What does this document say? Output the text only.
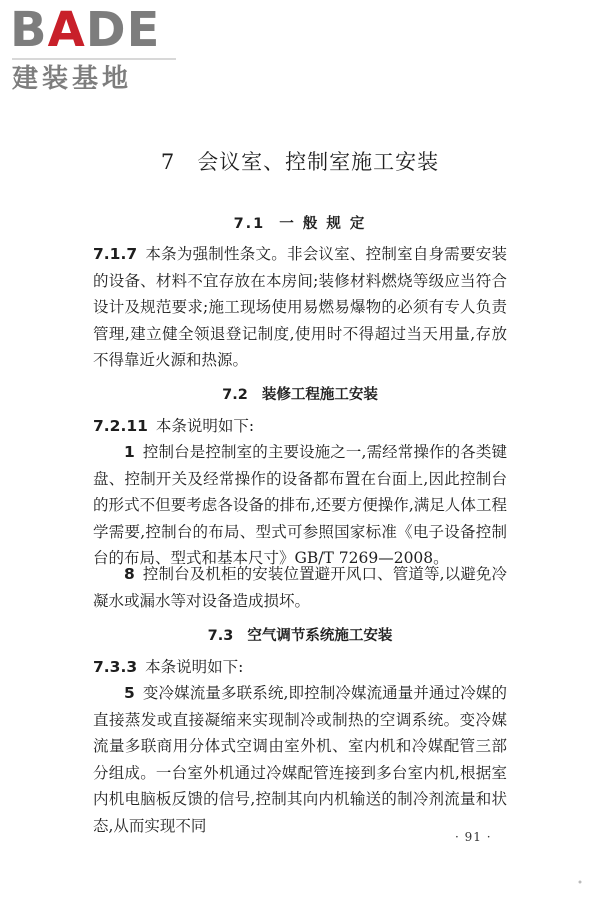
BADE
建装基地
7 会议室、控制室施工安装
7.1 一 般 规 定

7.1.7 本条为强制性条文。非会议室、控制室自身需要安装的设备、材料不宜存放在本房间;装修材料燃烧等级应当符合设计及规范要求;施工现场使用易燃易爆物的必须有专人负责管理,建立健全领退登记制度,使用时不得超过当天用量,存放不得靠近火源和热源。

7.2 装修工程施工安装

7.2.11 本条说明如下:

1 控制台是控制室的主要设施之一,需经常操作的各类键盘、控制开关及经常操作的设备都布置在台面上,因此控制台的形式不但要考虑各设备的排布,还要方便操作,满足人体工程学需要,控制台的布局、型式可参照国家标准《电子设备控制台的布局、型式和基本尺寸》GB/T 7269—2008。

8 控制台及机柜的安装位置避开风口、管道等,以避免冷凝水或漏水等对设备造成损坏。

7.3 空气调节系统施工安装

7.3.3 本条说明如下:

5 变冷媒流量多联系统,即控制冷媒流通量并通过冷媒的直接蒸发或直接凝缩来实现制冷或制热的空调系统。变冷媒流量多联商用分体式空调由室外机、室内机和冷媒配管三部分组成。一台室外机通过冷媒配管连接到多台室内机,根据室内机电脑板反馈的信号,控制其向内机输送的制冷剂流量和状态,从而实现不同

· 91 ·
